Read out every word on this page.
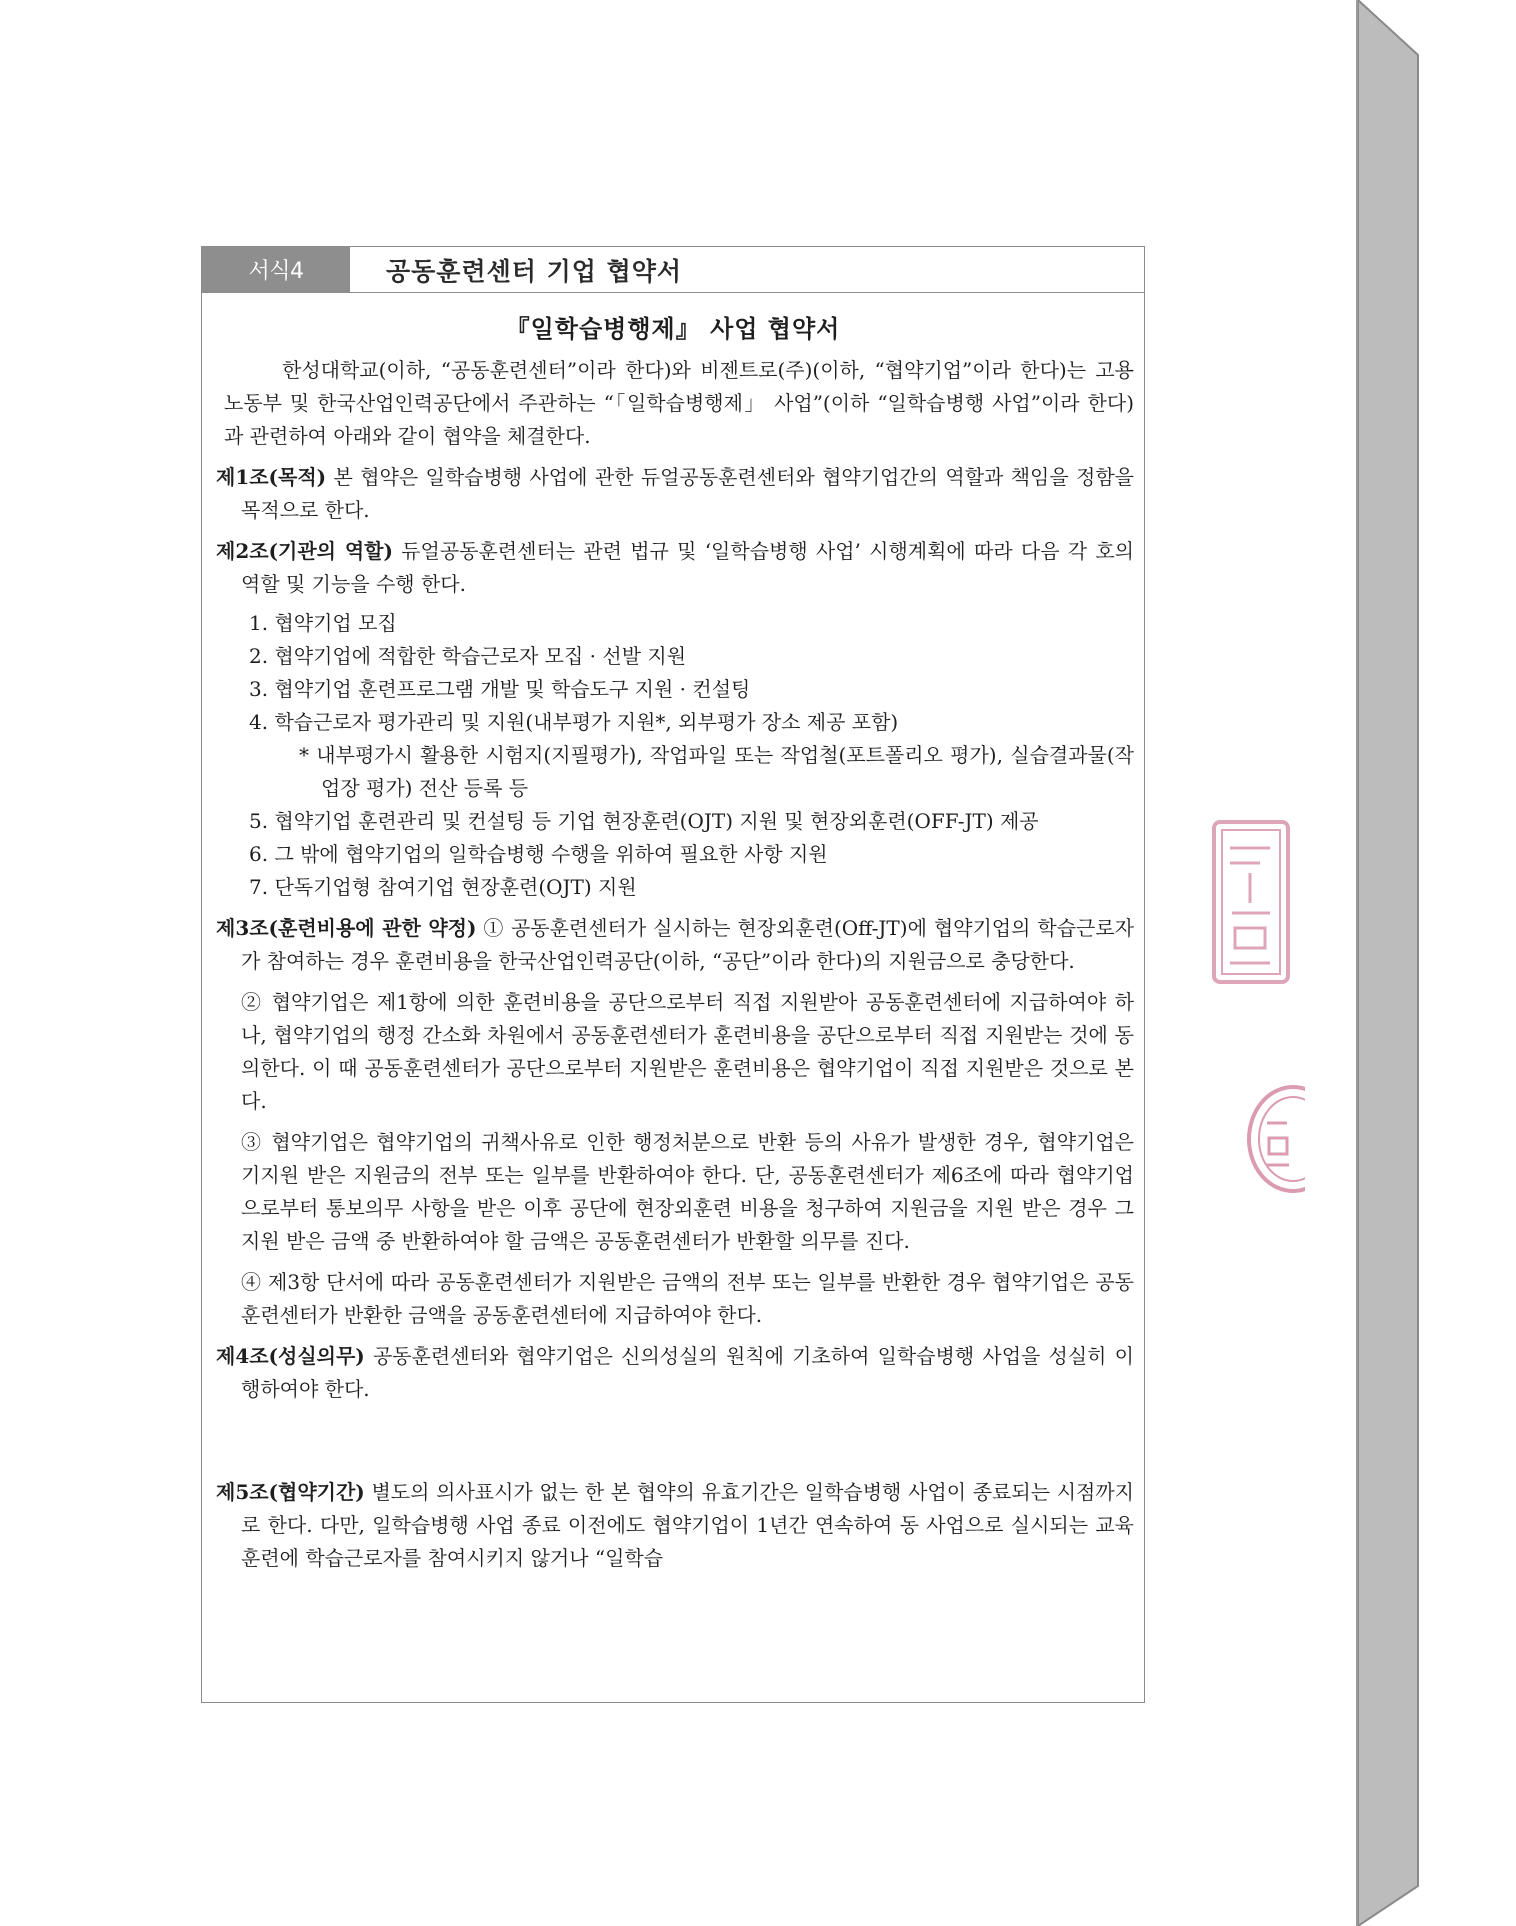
서식4	공동훈련센터 기업 협약서
『일학습병행제』 사업 협약서

한성대학교(이하, “공동훈련센터”이라 한다)와 비젠트로(주)(이하, “협약기업”이라 한다)는 고용노동부 및 한국산업인력공단에서 주관하는 “「일학습병행제」 사업”(이하 “일학습병행 사업”이라 한다)과 관련하여 아래와 같이 협약을 체결한다.

제1조(목적) 본 협약은 일학습병행 사업에 관한 듀얼공동훈련센터와 협약기업간의 역할과 책임을 정함을 목적으로 한다.

제2조(기관의 역할) 듀얼공동훈련센터는 관련 법규 및 ‘일학습병행 사업’ 시행계획에 따라 다음 각 호의 역할 및 기능을 수행 한다.
1. 협약기업 모집
2. 협약기업에 적합한 학습근로자 모집 · 선발 지원
3. 협약기업 훈련프로그램 개발 및 학습도구 지원 · 컨설팅
4. 학습근로자 평가관리 및 지원(내부평가 지원*, 외부평가 장소 제공 포함)
* 내부평가시 활용한 시험지(지필평가), 작업파일 또는 작업철(포트폴리오 평가), 실습결과물(작업장 평가) 전산 등록 등
5. 협약기업 훈련관리 및 컨설팅 등 기업 현장훈련(OJT) 지원 및 현장외훈련(OFF-JT) 제공
6. 그 밖에 협약기업의 일학습병행 수행을 위하여 필요한 사항 지원
7. 단독기업형 참여기업 현장훈련(OJT) 지원

제3조(훈련비용에 관한 약정) ① 공동훈련센터가 실시하는 현장외훈련(Off-JT)에 협약기업의 학습근로자가 참여하는 경우 훈련비용을 한국산업인력공단(이하, “공단”이라 한다)의 지원금으로 충당한다.

② 협약기업은 제1항에 의한 훈련비용을 공단으로부터 직접 지원받아 공동훈련센터에 지급하여야 하나, 협약기업의 행정 간소화 차원에서 공동훈련센터가 훈련비용을 공단으로부터 직접 지원받는 것에 동의한다. 이 때 공동훈련센터가 공단으로부터 지원받은 훈련비용은 협약기업이 직접 지원받은 것으로 본다.

③ 협약기업은 협약기업의 귀책사유로 인한 행정처분으로 반환 등의 사유가 발생한 경우, 협약기업은 기지원 받은 지원금의 전부 또는 일부를 반환하여야 한다. 단, 공동훈련센터가 제6조에 따라 협약기업으로부터 통보의무 사항을 받은 이후 공단에 현장외훈련 비용을 청구하여 지원금을 지원 받은 경우 그 지원 받은 금액 중 반환하여야 할 금액은 공동훈련센터가 반환할 의무를 진다.

④ 제3항 단서에 따라 공동훈련센터가 지원받은 금액의 전부 또는 일부를 반환한 경우 협약기업은 공동훈련센터가 반환한 금액을 공동훈련센터에 지급하여야 한다.

제4조(성실의무) 공동훈련센터와 협약기업은 신의성실의 원칙에 기초하여 일학습병행 사업을 성실히 이행하여야 한다.

제5조(협약기간) 별도의 의사표시가 없는 한 본 협약의 유효기간은 일학습병행 사업이 종료되는 시점까지로 한다. 다만, 일학습병행 사업 종료 이전에도 협약기업이 1년간 연속하여 동 사업으로 실시되는 교육훈련에 학습근로자를 참여시키지 않거나 “일학습
